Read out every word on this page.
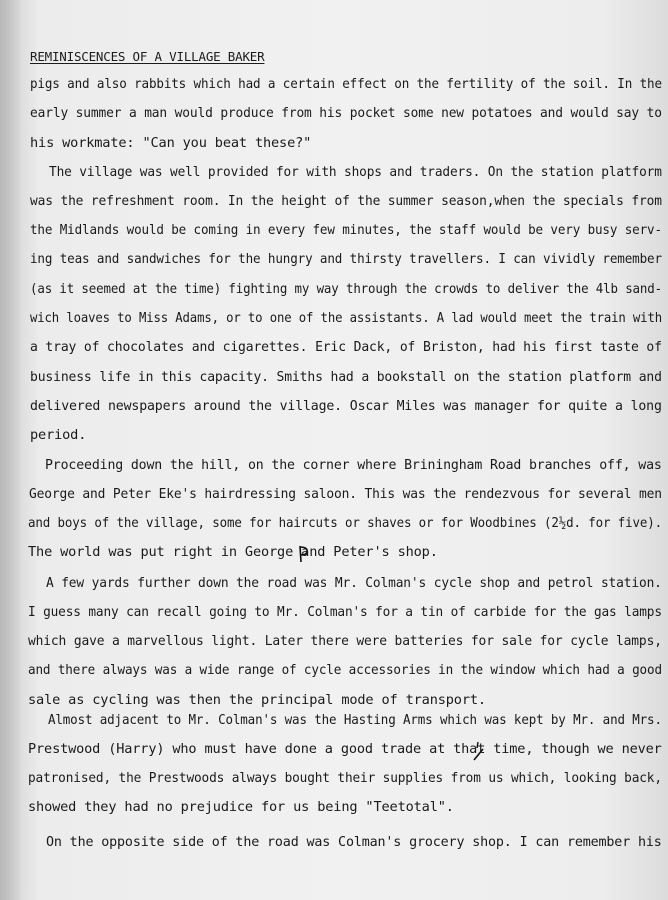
REMINISCENCES OF A VILLAGE BAKER
pigs and also rabbits which had a certain effect on the fertility of the soil. In the
early summer a man would produce from his pocket some new potatoes and would say to
his workmate: "Can you beat these?"
The village was well provided for with shops and traders. On the station platform
was the refreshment room. In the height of the summer season,when the specials from
the Midlands would be coming in every few minutes, the staff would be very busy serv-
ing teas and sandwiches for the hungry and thirsty travellers. I can vividly remember
(as it seemed at the time) fighting my way through the crowds to deliver the 4lb sand-
wich loaves to Miss Adams, or to one of the assistants. A lad would meet the train with
a tray of chocolates and cigarettes. Eric Dack, of Briston, had his first taste of
business life in this capacity. Smiths had a bookstall on the station platform and
delivered newspapers around the village. Oscar Miles was manager for quite a long
period.
Proceeding down the hill, on the corner where Briningham Road branches off, was
George and Peter Eke's hairdressing saloon. This was the rendezvous for several men
and boys of the village, some for haircuts or shaves or for Woodbines (2½d. for five).
The world was put right in George and Peter's shop.
A few yards further down the road was Mr. Colman's cycle shop and petrol station.
I guess many can recall going to Mr. Colman's for a tin of carbide for the gas lamps
which gave a marvellous light. Later there were batteries for sale for cycle lamps,
and there always was a wide range of cycle accessories in the window which had a good
sale as cycling was then the principal mode of transport.
Almost adjacent to Mr. Colman's was the Hasting Arms which was kept by Mr. and Mrs.
Prestwood (Harry) who must have done a good trade at that time, though we never
patronised, the Prestwoods always bought their supplies from us which, looking back,
showed they had no prejudice for us being "Teetotal".
On the opposite side of the road was Colman's grocery shop. I can remember his
